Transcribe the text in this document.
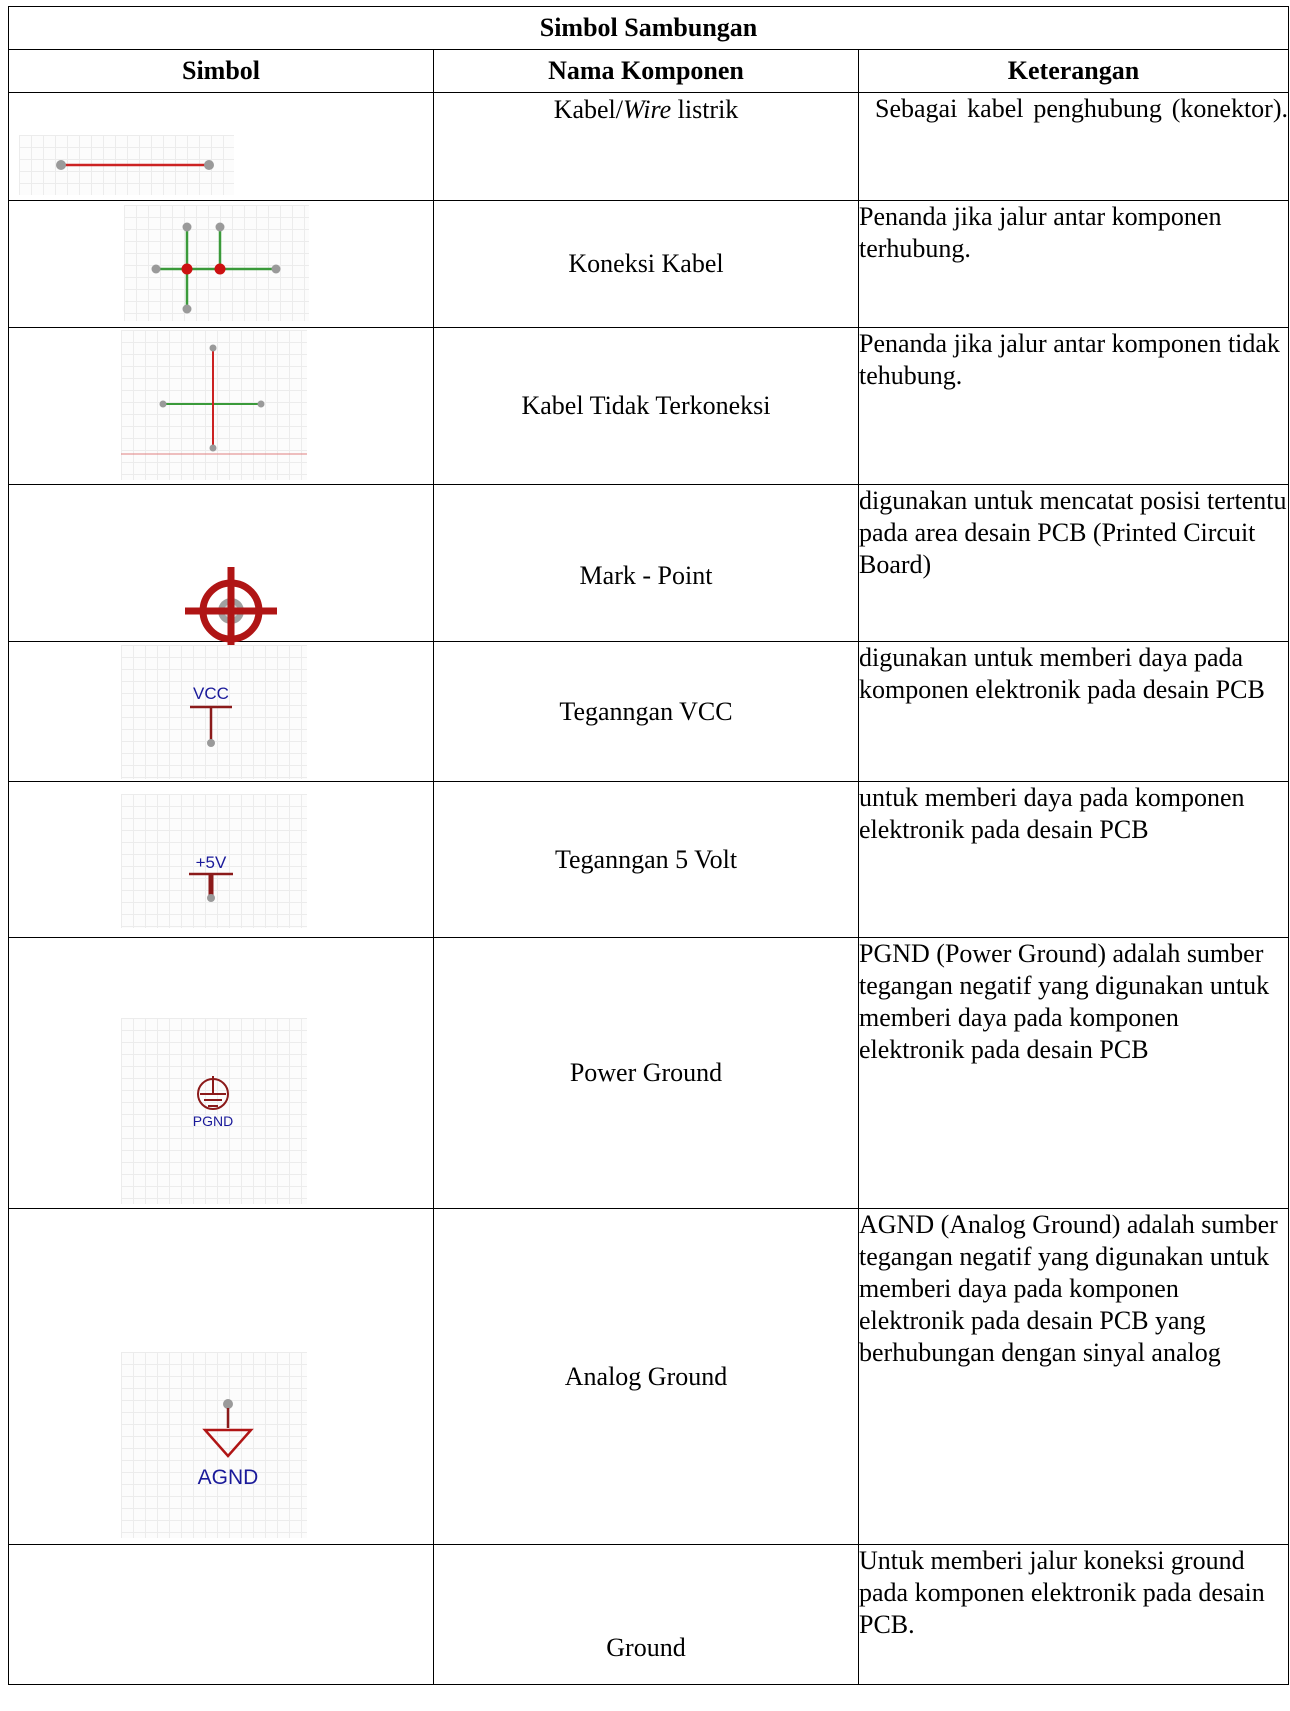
Simbol Sambungan		
Simbol	Nama Komponen	Keterangan

	Kabel/Wire listrik	Sebagai kabel penghubung (konektor).

	Koneksi Kabel	Penanda jika jalur antar komponen terhubung.

	Kabel Tidak Terkoneksi	Penanda jika jalur antar komponen tidak tehubung.

	Mark - Point	digunakan untuk mencatat posisi tertentu pada area desain PCB (Printed Circuit Board)

VCC	Teganngan VCC	digunakan untuk memberi daya pada komponen elektronik pada desain PCB

+5V	Teganngan 5 Volt	untuk memberi daya pada komponen elektronik pada desain PCB

PGND	Power Ground	PGND (Power Ground) adalah sumber tegangan negatif yang digunakan untuk memberi daya pada komponen elektronik pada desain PCB

AGND	Analog Ground	AGND (Analog Ground) adalah sumber tegangan negatif yang digunakan untuk memberi daya pada komponen elektronik pada desain PCB yang berhubungan dengan sinyal analog
	Ground	Untuk memberi jalur koneksi ground pada komponen elektronik pada desain PCB.
